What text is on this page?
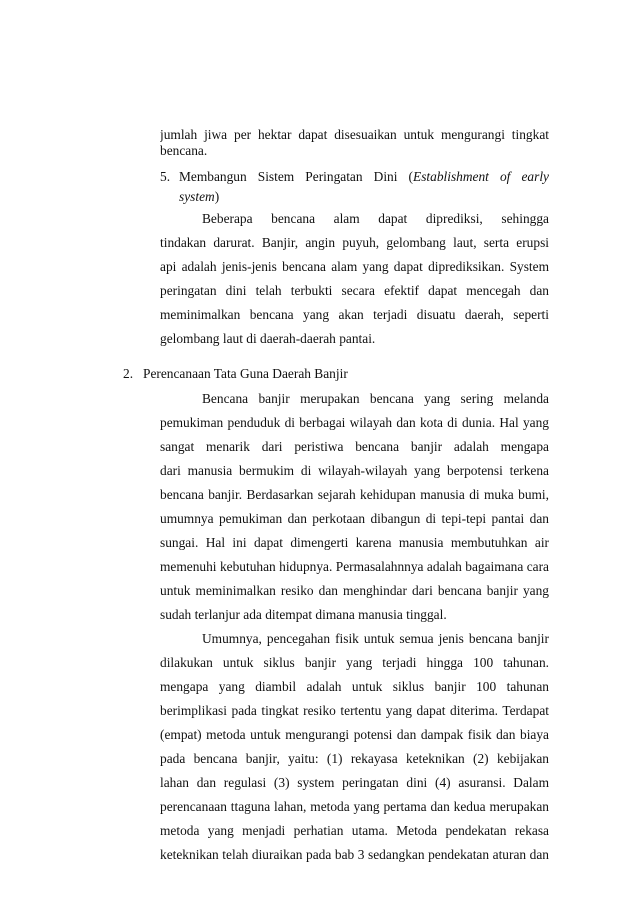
jumlah jiwa per hektar dapat disesuaikan untuk mengurangi tingkat
bencana.
5. Membangun Sistem Peringatan Dini (Establishment of early
system)
Beberapa bencana alam dapat diprediksi, sehingga
tindakan darurat. Banjir, angin puyuh, gelombang laut, serta erupsi
api adalah jenis-jenis bencana alam yang dapat diprediksikan. System
peringatan dini telah terbukti secara efektif dapat mencegah dan
meminimalkan bencana yang akan terjadi disuatu daerah, seperti
gelombang laut di daerah-daerah pantai.
2. Perencanaan Tata Guna Daerah Banjir
Bencana banjir merupakan bencana yang sering melanda
pemukiman penduduk di berbagai wilayah dan kota di dunia. Hal yang
sangat menarik dari peristiwa bencana banjir adalah mengapa
dari manusia bermukim di wilayah-wilayah yang berpotensi terkena
bencana banjir. Berdasarkan sejarah kehidupan manusia di muka bumi,
umumnya pemukiman dan perkotaan dibangun di tepi-tepi pantai dan
sungai. Hal ini dapat dimengerti karena manusia membutuhkan air
memenuhi kebutuhan hidupnya. Permasalahnnya adalah bagaimana cara
untuk meminimalkan resiko dan menghindar dari bencana banjir yang
sudah terlanjur ada ditempat dimana manusia tinggal.
Umumnya, pencegahan fisik untuk semua jenis bencana banjir
dilakukan untuk siklus banjir yang terjadi hingga 100 tahunan.
mengapa yang diambil adalah untuk siklus banjir 100 tahunan
berimplikasi pada tingkat resiko tertentu yang dapat diterima. Terdapat
(empat) metoda untuk mengurangi potensi dan dampak fisik dan biaya
pada bencana banjir, yaitu: (1) rekayasa keteknikan (2) kebijakan
lahan dan regulasi (3) system peringatan dini (4) asuransi. Dalam
perencanaan ttaguna lahan, metoda yang pertama dan kedua merupakan
metoda yang menjadi perhatian utama. Metoda pendekatan rekasa
keteknikan telah diuraikan pada bab 3 sedangkan pendekatan aturan dan
